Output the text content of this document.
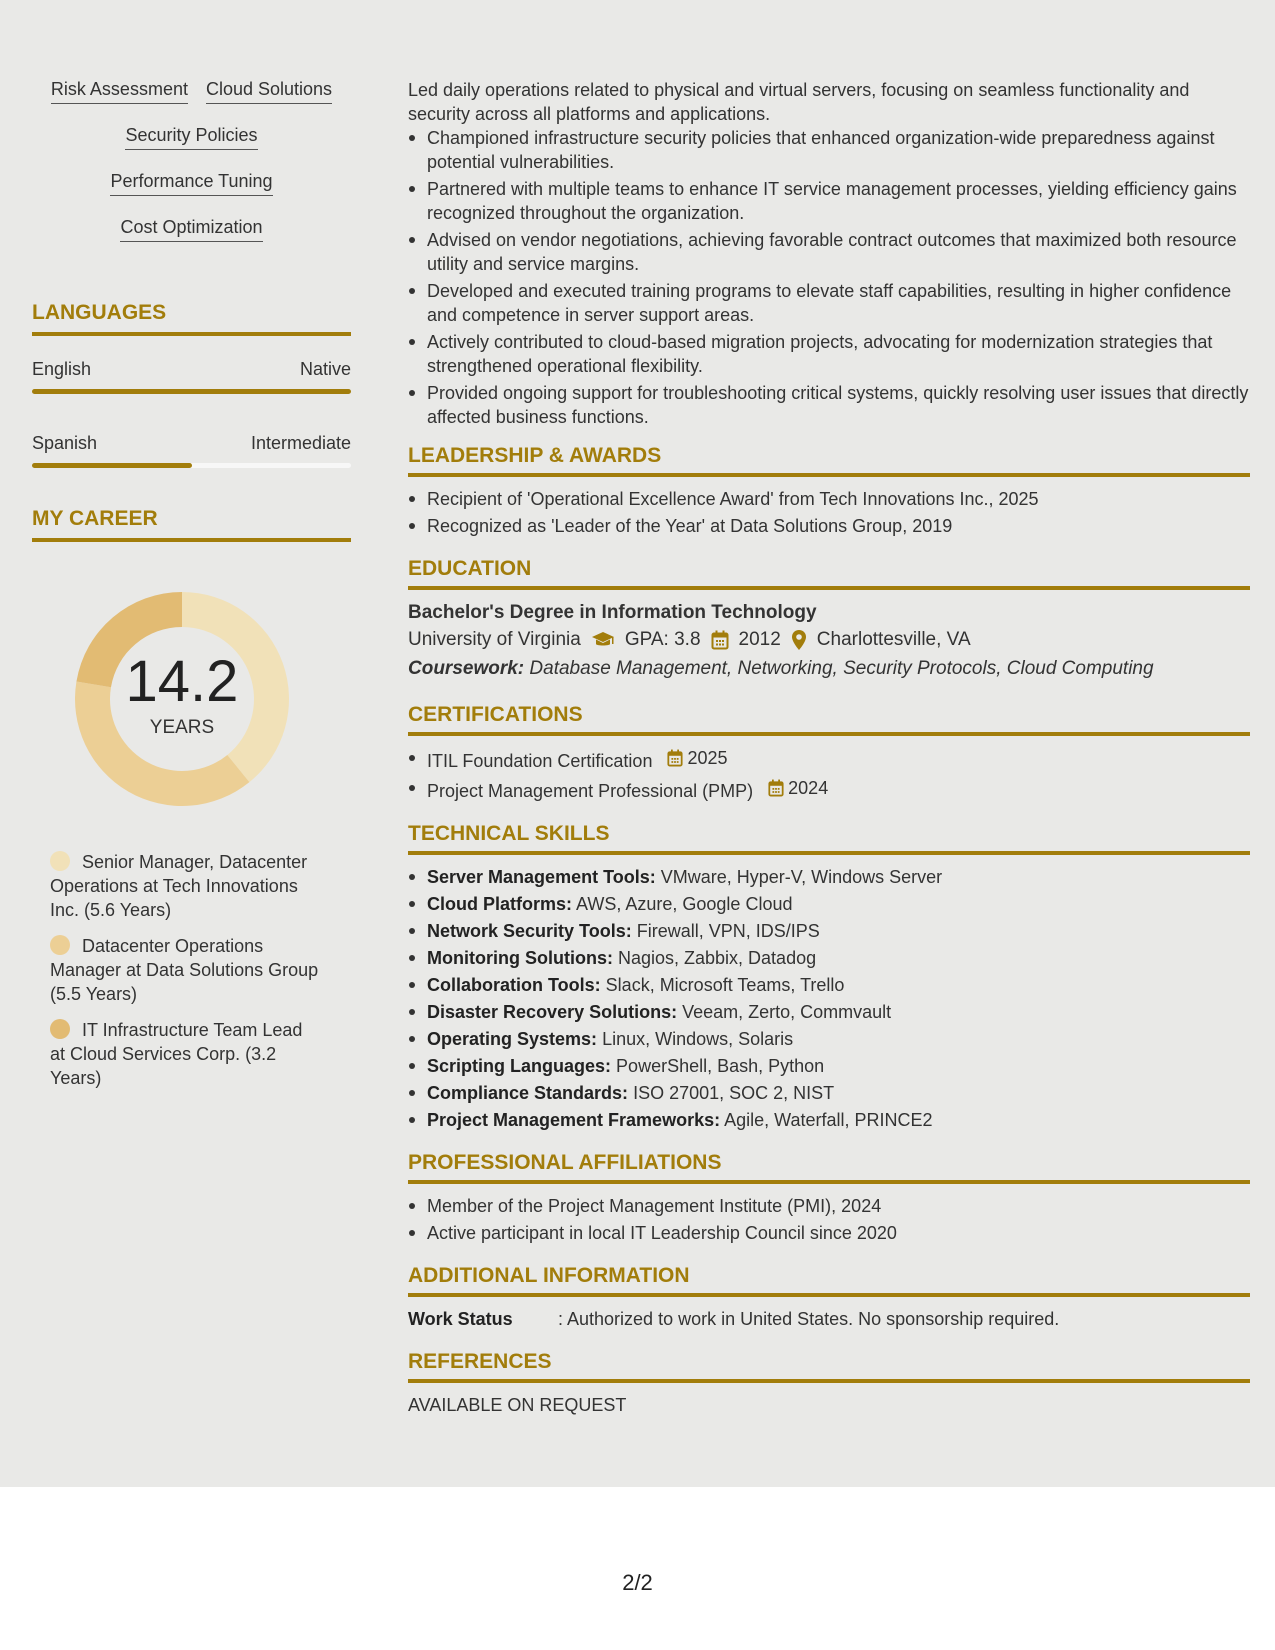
Risk Assessment Cloud Solutions
Security Policies
Performance Tuning
Cost Optimization
LANGUAGES
English	Native
Spanish	Intermediate
MY CAREER
14.2
YEARS
Senior Manager, Datacenter Operations at Tech Innovations Inc. (5.6 Years)
Datacenter Operations Manager at Data Solutions Group (5.5 Years)
IT Infrastructure Team Lead at Cloud Services Corp. (3.2 Years)
Led daily operations related to physical and virtual servers, focusing on seamless functionality and security across all platforms and applications.
Championed infrastructure security policies that enhanced organization-wide preparedness against potential vulnerabilities.
Partnered with multiple teams to enhance IT service management processes, yielding efficiency gains recognized throughout the organization.
Advised on vendor negotiations, achieving favorable contract outcomes that maximized both resource utility and service margins.
Developed and executed training programs to elevate staff capabilities, resulting in higher confidence and competence in server support areas.
Actively contributed to cloud-based migration projects, advocating for modernization strategies that strengthened operational flexibility.
Provided ongoing support for troubleshooting critical systems, quickly resolving user issues that directly affected business functions.
LEADERSHIP & AWARDS
Recipient of 'Operational Excellence Award' from Tech Innovations Inc., 2025
Recognized as 'Leader of the Year' at Data Solutions Group, 2019
EDUCATION
Bachelor's Degree in Information Technology
University of Virginia GPA: 3.8 2012 Charlottesville, VA
Coursework: Database Management, Networking, Security Protocols, Cloud Computing
CERTIFICATIONS
ITIL Foundation Certification 2025
Project Management Professional (PMP) 2024
TECHNICAL SKILLS
Server Management Tools: VMware, Hyper-V, Windows Server
Cloud Platforms: AWS, Azure, Google Cloud
Network Security Tools: Firewall, VPN, IDS/IPS
Monitoring Solutions: Nagios, Zabbix, Datadog
Collaboration Tools: Slack, Microsoft Teams, Trello
Disaster Recovery Solutions: Veeam, Zerto, Commvault
Operating Systems: Linux, Windows, Solaris
Scripting Languages: PowerShell, Bash, Python
Compliance Standards: ISO 27001, SOC 2, NIST
Project Management Frameworks: Agile, Waterfall, PRINCE2
PROFESSIONAL AFFILIATIONS
Member of the Project Management Institute (PMI), 2024
Active participant in local IT Leadership Council since 2020
ADDITIONAL INFORMATION
Work Status	: Authorized to work in United States. No sponsorship required.
REFERENCES
AVAILABLE ON REQUEST
2/2
